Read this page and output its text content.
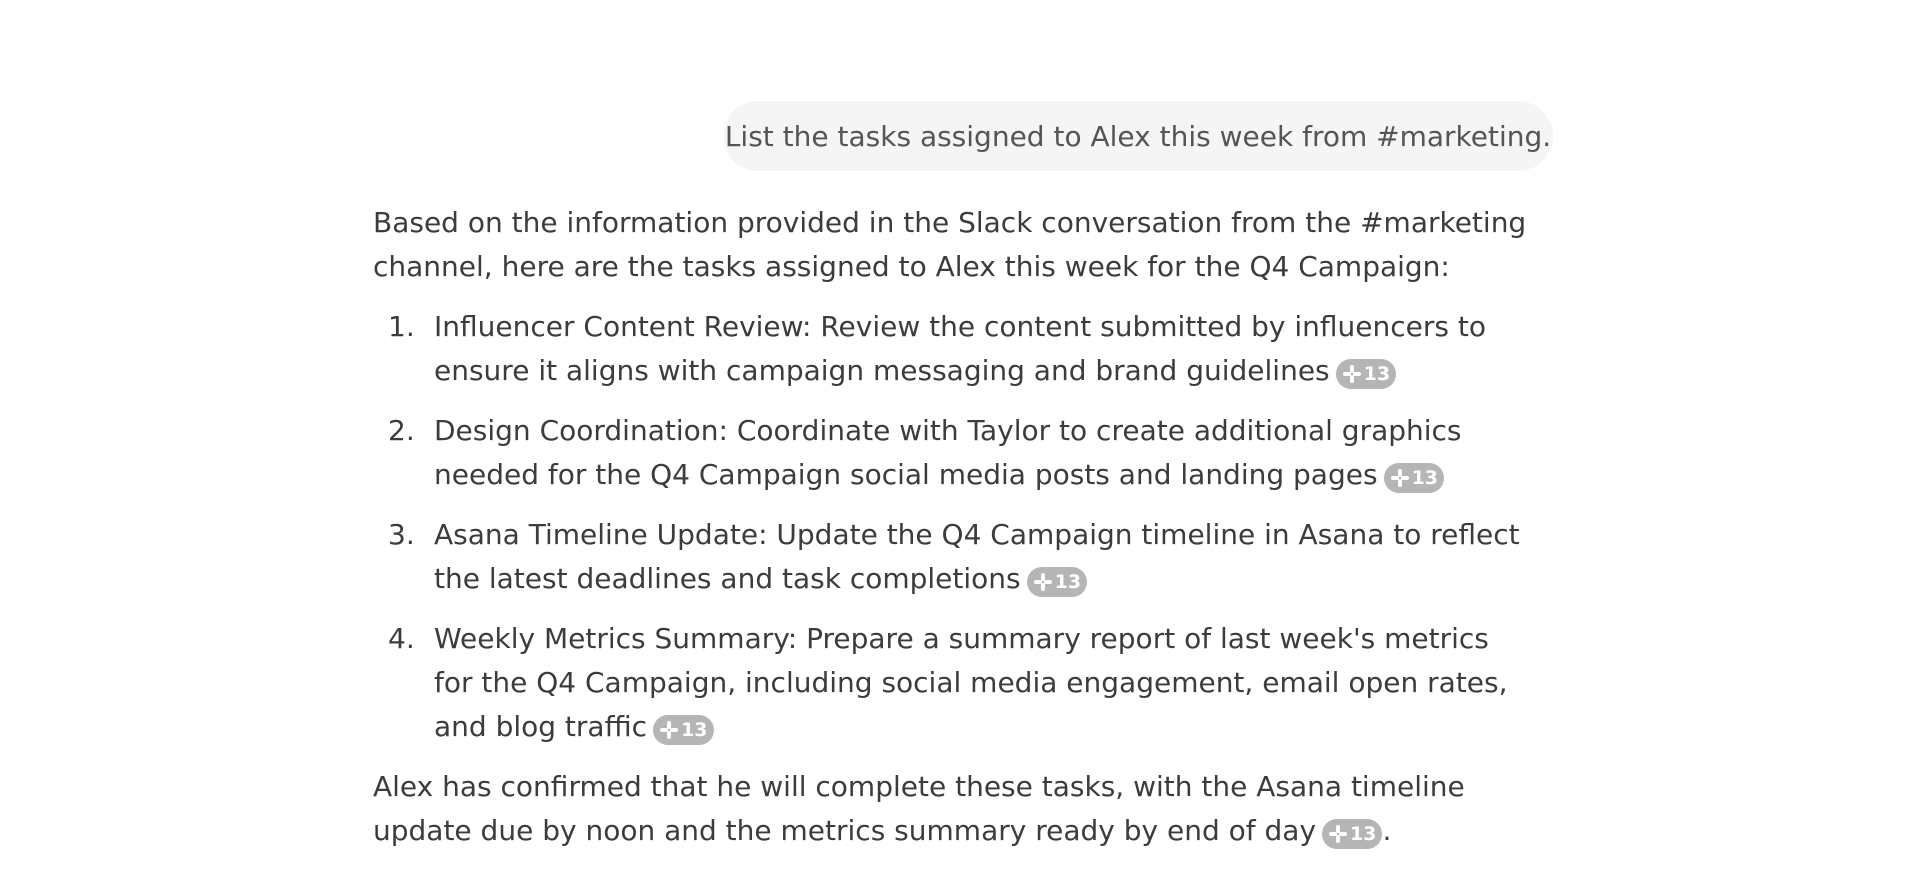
List the tasks assigned to Alex this week from #marketing.

Based on the information provided in the Slack conversation from the #marketing channel, here are the tasks assigned to Alex this week for the Q4 Campaign:

1. Influencer Content Review: Review the content submitted by influencers to ensure it aligns with campaign messaging and brand guidelines 13
2. Design Coordination: Coordinate with Taylor to create additional graphics needed for the Q4 Campaign social media posts and landing pages 13
3. Asana Timeline Update: Update the Q4 Campaign timeline in Asana to reflect the latest deadlines and task completions 13
4. Weekly Metrics Summary: Prepare a summary report of last week's metrics for the Q4 Campaign, including social media engagement, email open rates, and blog traffic 13

Alex has confirmed that he will complete these tasks, with the Asana timeline update due by noon and the metrics summary ready by end of day 13 .
